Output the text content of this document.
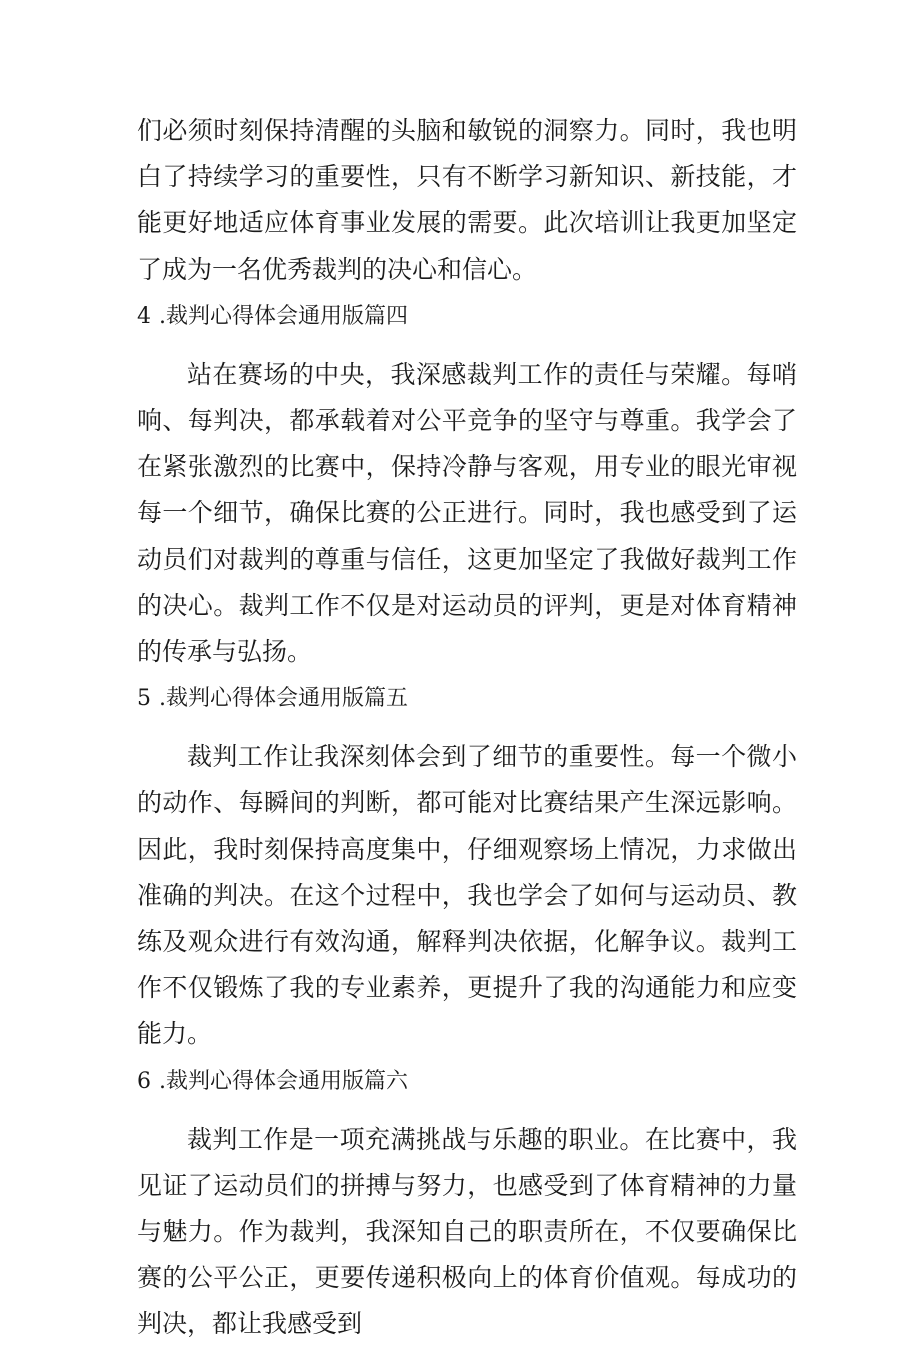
们必须时刻保持清醒的头脑和敏锐的洞察力。同时，我也明白了持续学习的重要性，只有不断学习新知识、新技能，才能更好地适应体育事业发展的需要。此次培训让我更加坚定了成为一名优秀裁判的决心和信心。

4 .裁判心得体会通用版篇四

站在赛场的中央，我深感裁判工作的责任与荣耀。每哨响、每判决，都承载着对公平竞争的坚守与尊重。我学会了在紧张激烈的比赛中，保持冷静与客观，用专业的眼光审视每一个细节，确保比赛的公正进行。同时，我也感受到了运动员们对裁判的尊重与信任，这更加坚定了我做好裁判工作的决心。裁判工作不仅是对运动员的评判，更是对体育精神的传承与弘扬。

5 .裁判心得体会通用版篇五

裁判工作让我深刻体会到了细节的重要性。每一个微小的动作、每瞬间的判断，都可能对比赛结果产生深远影响。因此，我时刻保持高度集中，仔细观察场上情况，力求做出准确的判决。在这个过程中，我也学会了如何与运动员、教练及观众进行有效沟通，解释判决依据，化解争议。裁判工作不仅锻炼了我的专业素养，更提升了我的沟通能力和应变能力。

6 .裁判心得体会通用版篇六

裁判工作是一项充满挑战与乐趣的职业。在比赛中，我见证了运动员们的拼搏与努力，也感受到了体育精神的力量与魅力。作为裁判，我深知自己的职责所在，不仅要确保比赛的公平公正，更要传递积极向上的体育价值观。每成功的判决，都让我感受到
